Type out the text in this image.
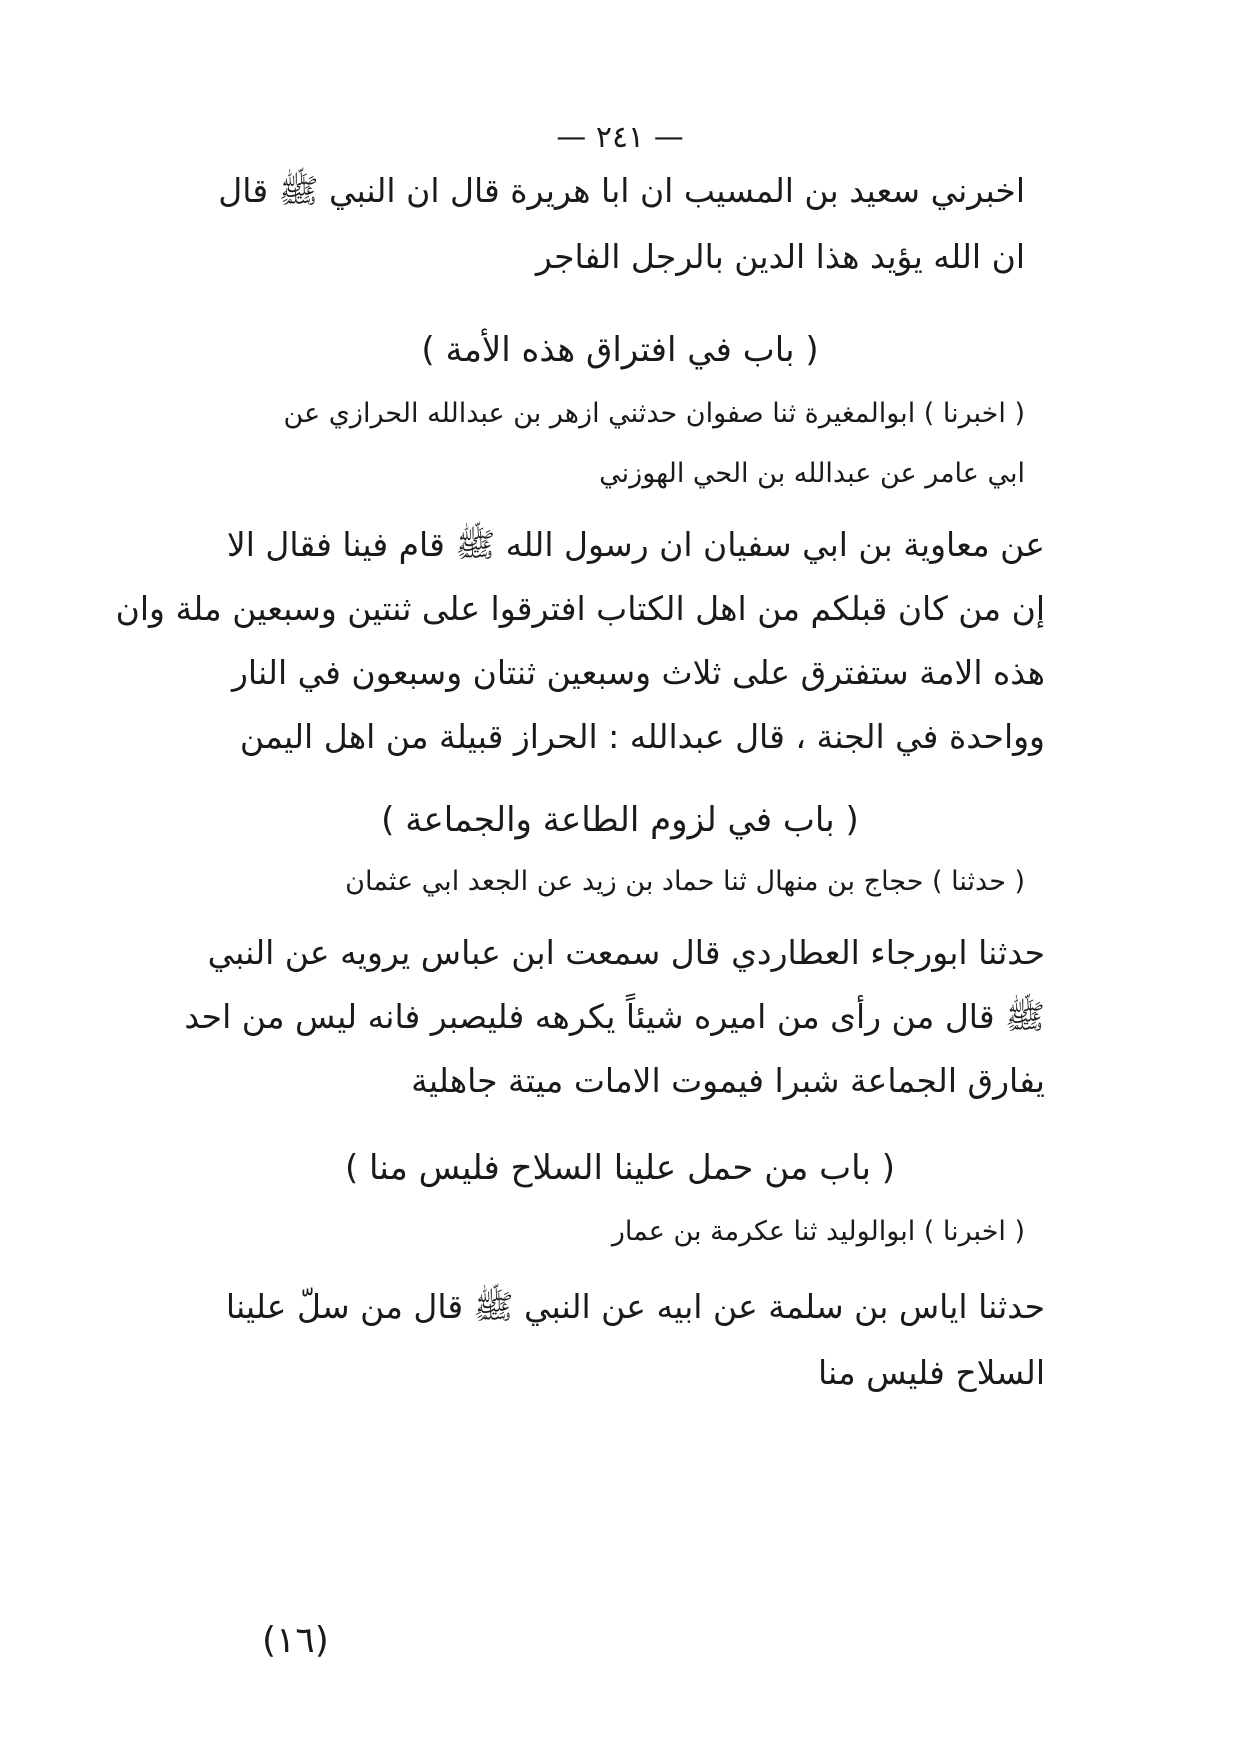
— ٢٤١ —
اخبرني سعيد بن المسيب ان ابا هريرة قال ان النبي ﷺ قال
ان الله يؤيد هذا الدين بالرجل الفاجر
( باب في افتراق هذه الأمة )
( اخبرنا ) ابوالمغيرة ثنا صفوان حدثني ازهر بن عبدالله الحرازي عن
ابي عامر عن عبدالله بن الحي الهوزني
عن معاوية بن ابي سفيان ان رسول الله ﷺ قام فينا فقال الا
إن من كان قبلكم من اهل الكتاب افترقوا على ثنتين وسبعين ملة وان
هذه الامة ستفترق على ثلاث وسبعين ثنتان وسبعون في النار
وواحدة في الجنة ، قال عبدالله : الحراز قبيلة من اهل اليمن
( باب في لزوم الطاعة والجماعة )
( حدثنا ) حجاج بن منهال ثنا حماد بن زيد عن الجعد ابي عثمان
حدثنا ابورجاء العطاردي قال سمعت ابن عباس يرويه عن النبي
ﷺ قال من رأى من اميره شيئاً يكرهه فليصبر فانه ليس من احد
يفارق الجماعة شبرا فيموت الامات ميتة جاهلية
( باب من حمل علينا السلاح فليس منا )
( اخبرنا ) ابوالوليد ثنا عكرمة بن عمار
حدثنا اياس بن سلمة عن ابيه عن النبي ﷺ قال من سلّ علينا
السلاح فليس منا
(١٦)
